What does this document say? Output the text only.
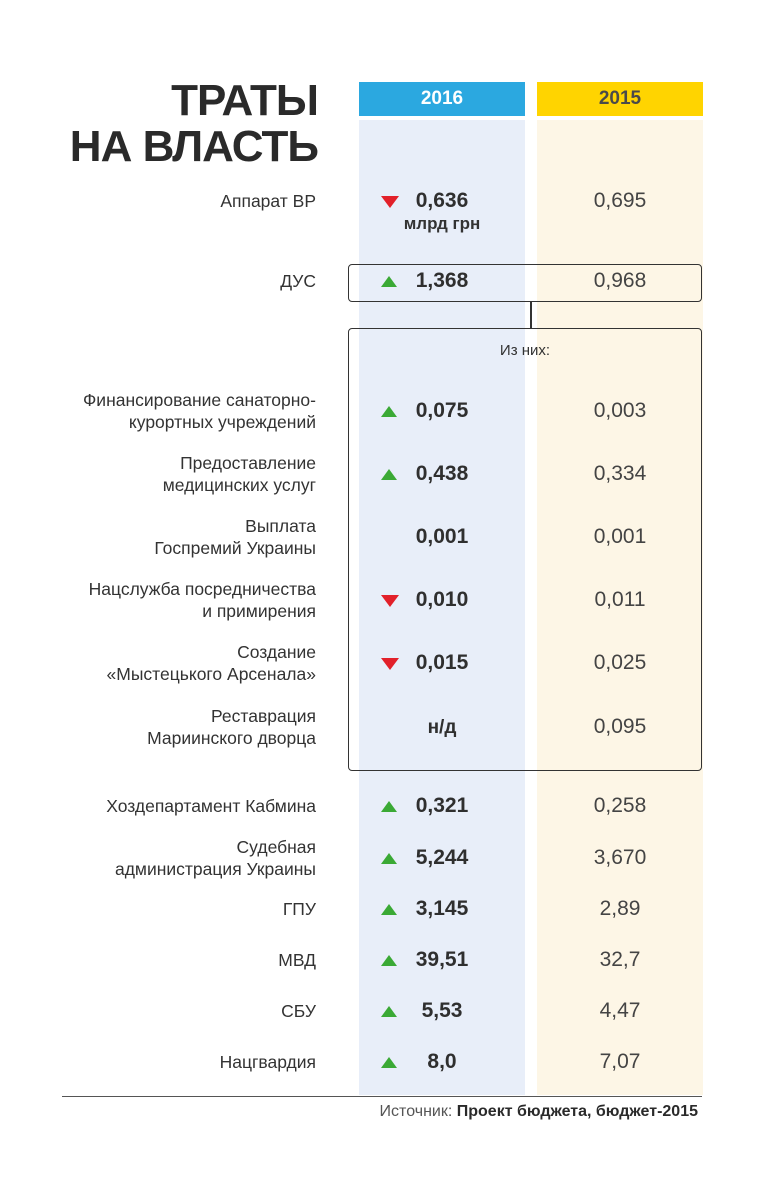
ТРАТЫ
НА ВЛАСТЬ
2016	2015
Из них:
Аппарат ВР	0,636	0,695
ДУС	1,368	0,968
Финансирование санаторно-
курортных учреждений	0,075	0,003
Предоставление
медицинских услуг	0,438	0,334
Выплата
Госпремий Украины	0,001	0,001
Нацслужба посредничества
и примирения	0,010	0,011
Создание
«Мыстецького Арсенала»	0,015	0,025
Реставрация
Мариинского дворца	н/д	0,095
Хоздепартамент Кабмина	0,321	0,258
Судебная
администрация Украины	5,244	3,670
ГПУ	3,145	2,89
МВД	39,51	32,7
СБУ	5,53	4,47
Нацгвардия	8,0	7,07
млрд грн
Источник: Проект бюджета, бюджет-2015
